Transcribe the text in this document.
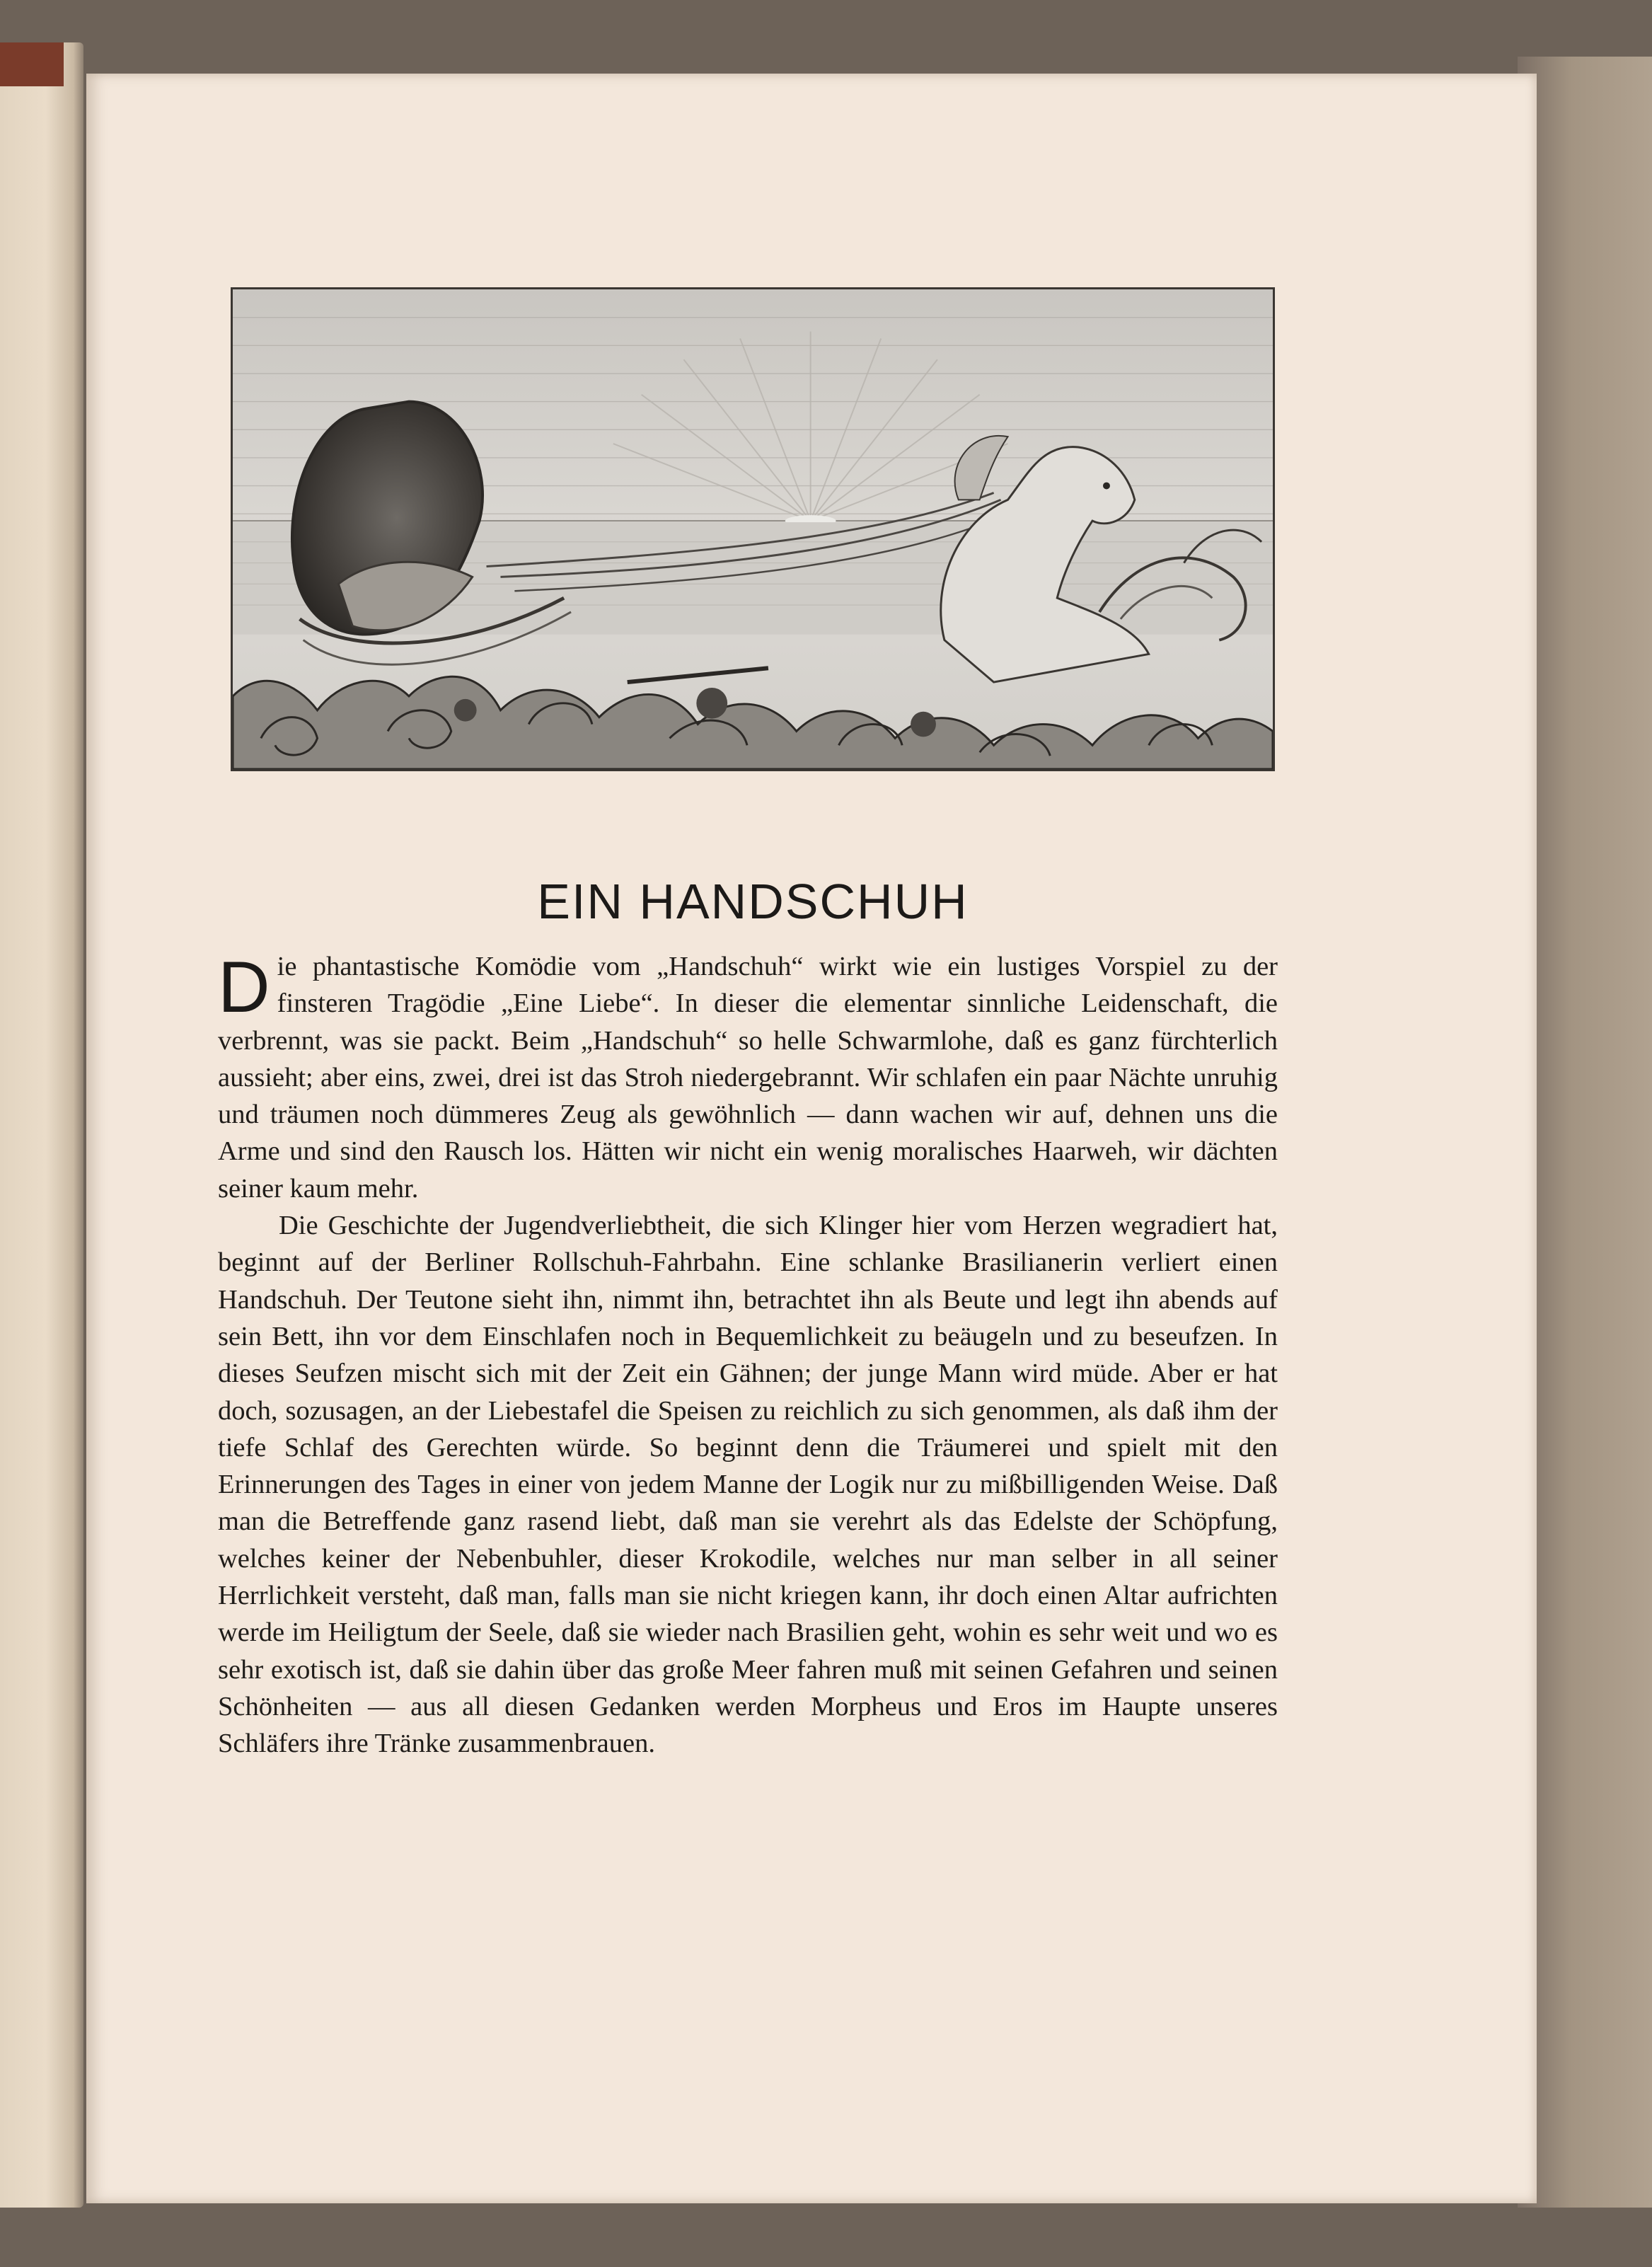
EIN HANDSCHUH

Die phantastische Komödie vom „Handschuh“ wirkt wie ein lustiges Vorspiel zu der finsteren Tragödie „Eine Liebe“. In dieser die elementar sinnliche Leidenschaft, die verbrennt, was sie packt. Beim „Handschuh“ so helle Schwarmlohe, daß es ganz fürchterlich aussieht; aber eins, zwei, drei ist das Stroh niedergebrannt. Wir schlafen ein paar Nächte unruhig und träumen noch dümmeres Zeug als gewöhnlich — dann wachen wir auf, dehnen uns die Arme und sind den Rausch los. Hätten wir nicht ein wenig moralisches Haarweh, wir dächten seiner kaum mehr.

Die Geschichte der Jugendverliebtheit, die sich Klinger hier vom Herzen wegradiert hat, beginnt auf der Berliner Rollschuh-Fahrbahn. Eine schlanke Brasilianerin verliert einen Handschuh. Der Teutone sieht ihn, nimmt ihn, betrachtet ihn als Beute und legt ihn abends auf sein Bett, ihn vor dem Einschlafen noch in Bequemlichkeit zu beäugeln und zu beseufzen. In dieses Seufzen mischt sich mit der Zeit ein Gähnen; der junge Mann wird müde. Aber er hat doch, sozusagen, an der Liebestafel die Speisen zu reichlich zu sich genommen, als daß ihm der tiefe Schlaf des Gerechten würde. So beginnt denn die Träumerei und spielt mit den Erinnerungen des Tages in einer von jedem Manne der Logik nur zu mißbilligenden Weise. Daß man die Betreffende ganz rasend liebt, daß man sie verehrt als das Edelste der Schöpfung, welches keiner der Nebenbuhler, dieser Krokodile, welches nur man selber in all seiner Herrlichkeit versteht, daß man, falls man sie nicht kriegen kann, ihr doch einen Altar aufrichten werde im Heiligtum der Seele, daß sie wieder nach Brasilien geht, wohin es sehr weit und wo es sehr exotisch ist, daß sie dahin über das große Meer fahren muß mit seinen Gefahren und seinen Schönheiten — aus all diesen Gedanken werden Morpheus und Eros im Haupte unseres Schläfers ihre Tränke zusammenbrauen.
